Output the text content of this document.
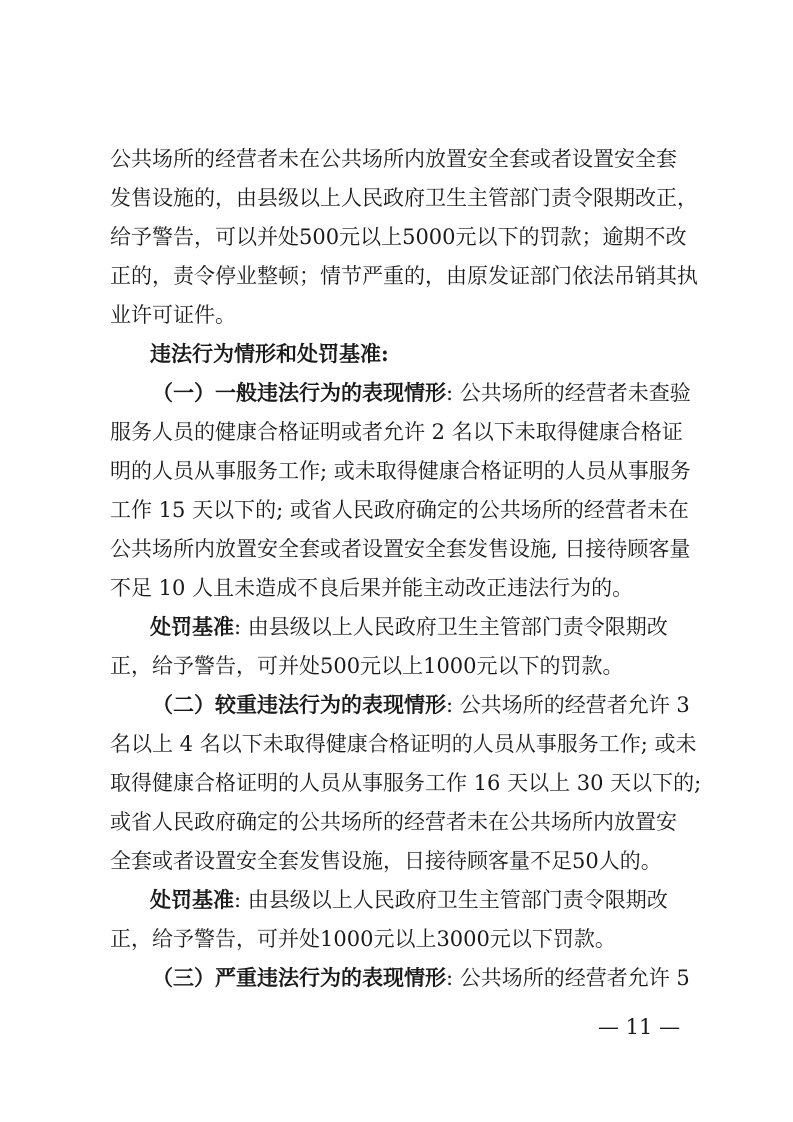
公共场所的经营者未在公共场所内放置安全套或者设置安全套
发售设施的，由县级以上人民政府卫生主管部门责令限期改正，
给予警告，可以并处500元以上5000元以下的罚款；逾期不改
正的，责令停业整顿；情节严重的，由原发证部门依法吊销其执
业许可证件。
违法行为情形和处罚基准:
（一）一般违法行为的表现情形: 公共场所的经营者未查验
服务人员的健康合格证明或者允许 2 名以下未取得健康合格证
明的人员从事服务工作; 或未取得健康合格证明的人员从事服务
工作 15 天以下的; 或省人民政府确定的公共场所的经营者未在
公共场所内放置安全套或者设置安全套发售设施, 日接待顾客量
不足 10 人且未造成不良后果并能主动改正违法行为的。
处罚基准: 由县级以上人民政府卫生主管部门责令限期改
正，给予警告，可并处500元以上1000元以下的罚款。
（二）较重违法行为的表现情形: 公共场所的经营者允许 3
名以上 4 名以下未取得健康合格证明的人员从事服务工作; 或未
取得健康合格证明的人员从事服务工作 16 天以上 30 天以下的;
或省人民政府确定的公共场所的经营者未在公共场所内放置安
全套或者设置安全套发售设施，日接待顾客量不足50人的。
处罚基准: 由县级以上人民政府卫生主管部门责令限期改
正，给予警告，可并处1000元以上3000元以下罚款。
（三）严重违法行为的表现情形: 公共场所的经营者允许 5
— 11 —
